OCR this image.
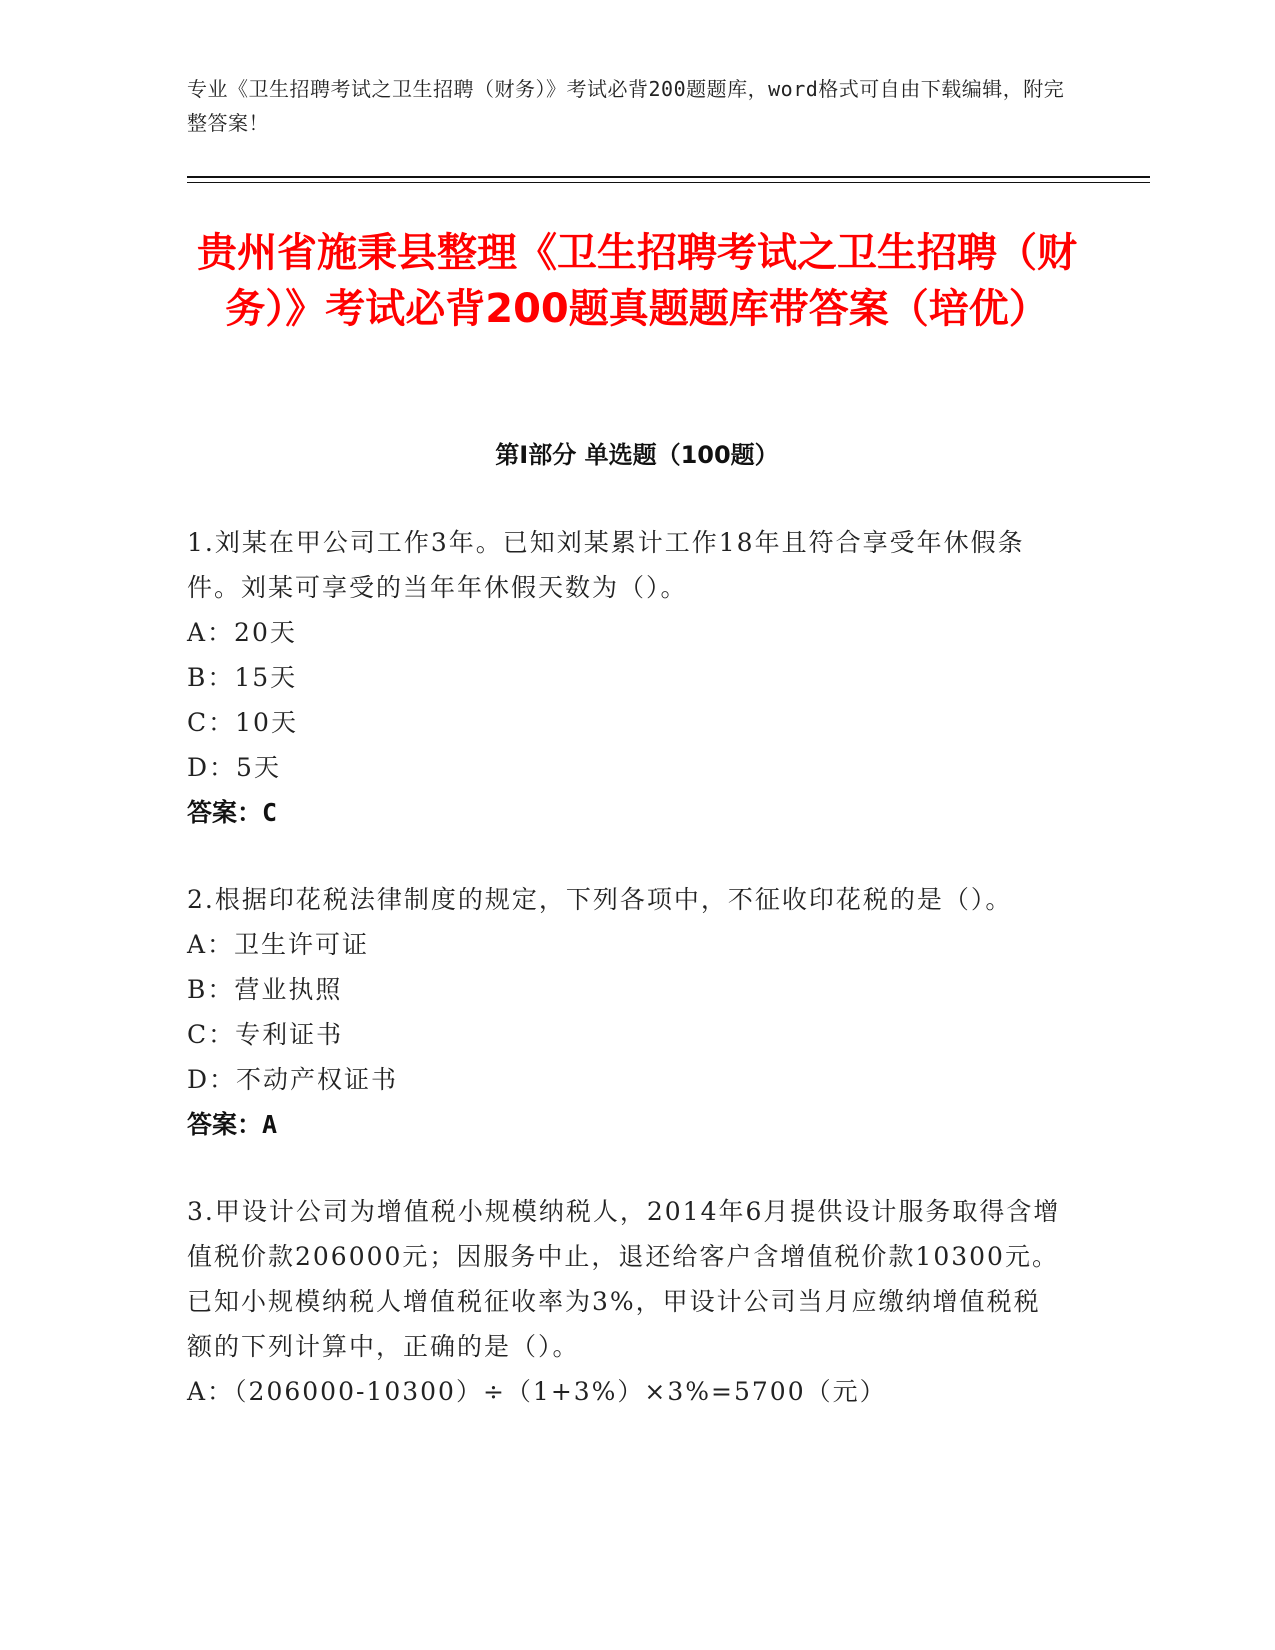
专业《卫生招聘考试之卫生招聘（财务）》考试必背200题题库，word格式可自由下载编辑，附完整答案！
贵州省施秉县整理《卫生招聘考试之卫生招聘（财务）》考试必背200题真题题库带答案（培优）
第Ⅰ部分 单选题（100题）
1.刘某在甲公司工作3年。已知刘某累计工作18年且符合享受年休假条件。刘某可享受的当年年休假天数为（）。
A：20天
B：15天
C：10天
D：5天
答案：C
2.根据印花税法律制度的规定，下列各项中，不征收印花税的是（）。
A：卫生许可证
B：营业执照
C：专利证书
D：不动产权证书
答案：A
3.甲设计公司为增值税小规模纳税人，2014年6月提供设计服务取得含增值税价款206000元；因服务中止，退还给客户含增值税价款10300元。已知小规模纳税人增值税征收率为3%，甲设计公司当月应缴纳增值税税额的下列计算中，正确的是（）。
A：（206000-10300）÷（1+3%）×3%=5700（元）
